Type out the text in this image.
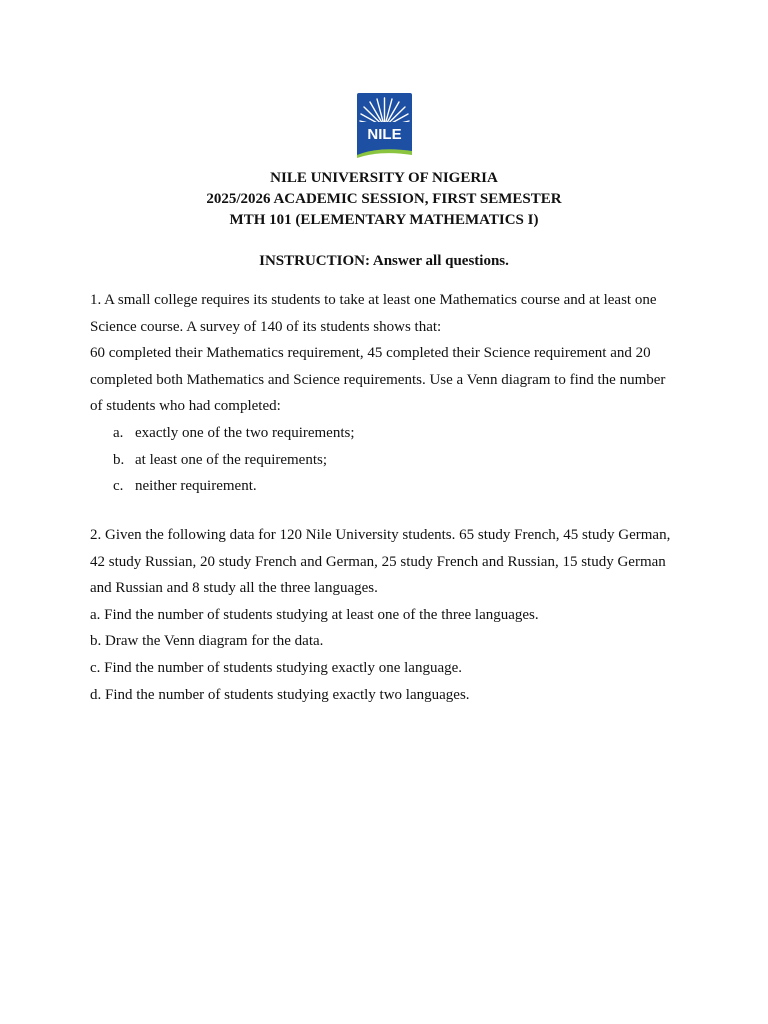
NILE
NILE UNIVERSITY OF NIGERIA
2025/2026 ACADEMIC SESSION, FIRST SEMESTER
MTH 101 (ELEMENTARY MATHEMATICS I)
INSTRUCTION: Answer all questions.
1. A small college requires its students to take at least one Mathematics course and at least one
Science course. A survey of 140 of its students shows that:
60 completed their Mathematics requirement, 45 completed their Science requirement and 20
completed both Mathematics and Science requirements. Use a Venn diagram to find the number
of students who had completed:
a. exactly one of the two requirements;
b. at least one of the requirements;
c. neither requirement.
2. Given the following data for 120 Nile University students. 65 study French, 45 study German,
42 study Russian, 20 study French and German, 25 study French and Russian, 15 study German
and Russian and 8 study all the three languages.
a. Find the number of students studying at least one of the three languages.
b. Draw the Venn diagram for the data.
c. Find the number of students studying exactly one language.
d. Find the number of students studying exactly two languages.
